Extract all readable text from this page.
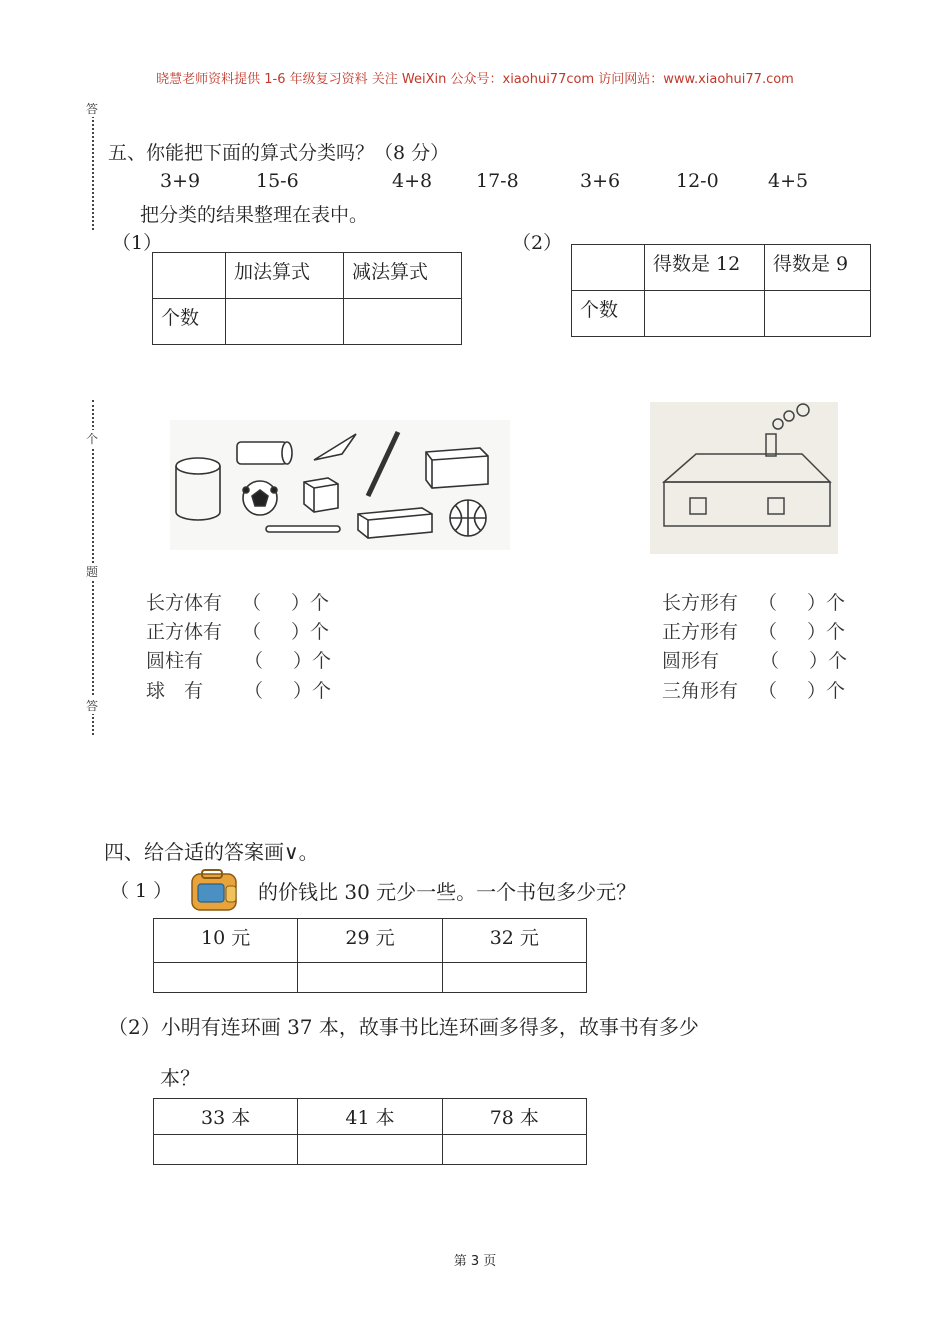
晓慧老师资料提供 1-6 年级复习资料 关注 WeiXin 公众号：xiaohui77com 访问网站：www.xiaohui77.com
答
个
题
答
五、你能把下面的算式分类吗？（8 分）
3+9	15-6	4+8 17-8	3+6	12-0	4+5
把分类的结果整理在表中。
（1）
	加法算式	减法算式
个数		
（2）
	得数是 12	得数是 9
个数		
长方体有 （ ）个
正方体有 （ ）个
圆柱有 （ ）个
球　有 （ ）个
长方形有 （ ）个
正方形有 （ ）个
圆形有 （ ）个
三角形有 （ ）个
四、给合适的答案画∨。
（ 1 ）	的价钱比 30 元少一些。一个书包多少元？
10 元	29 元	32 元

（2）小明有连环画 37 本，故事书比连环画多得多，故事书有多少
本？
33 本	41 本	78 本

第 3 页
